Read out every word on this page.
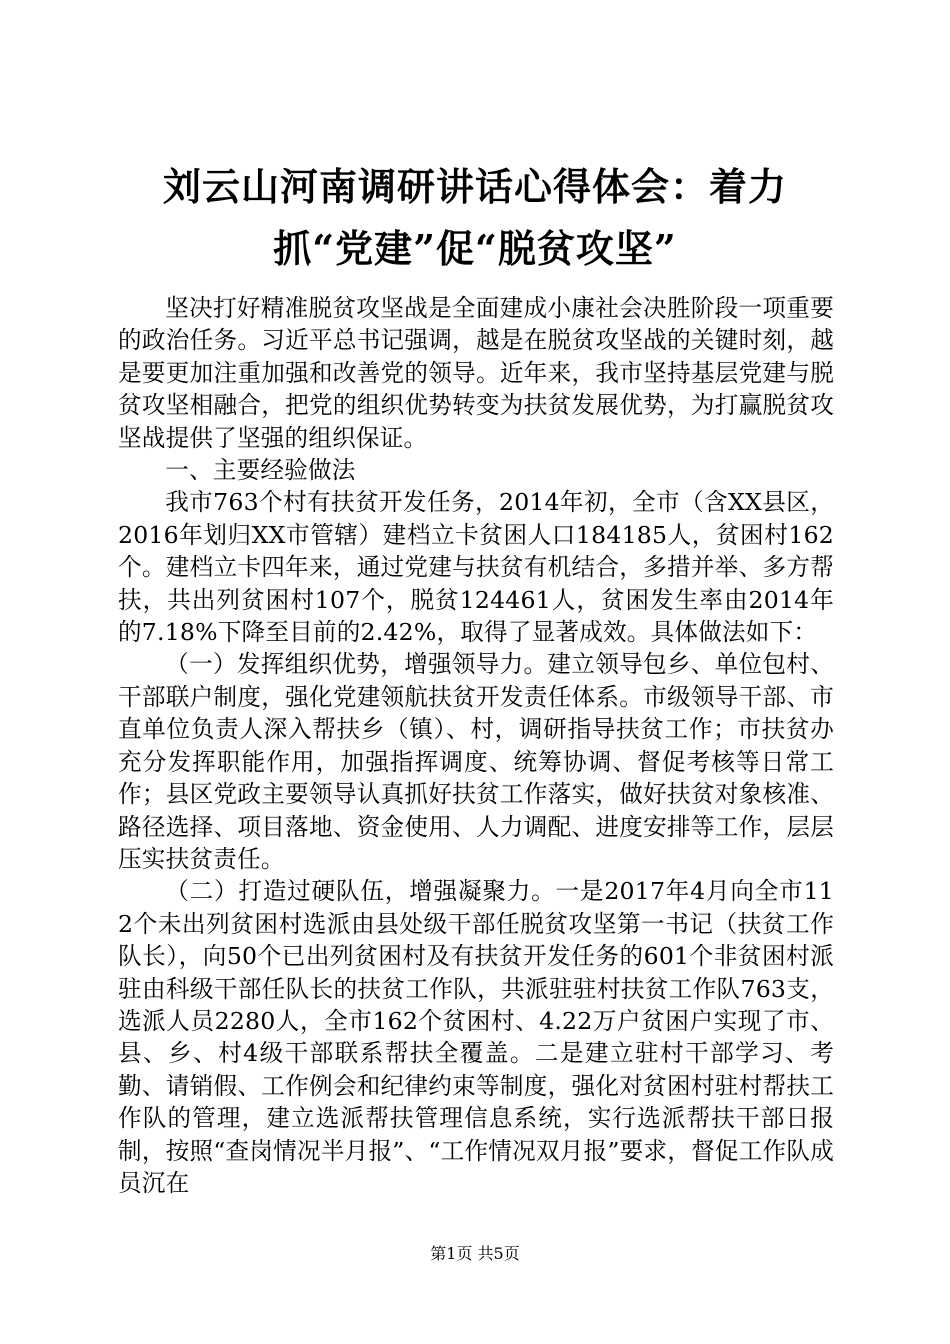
刘云山河南调研讲话心得体会：着力抓“党建”促“脱贫攻坚”

坚决打好精准脱贫攻坚战是全面建成小康社会决胜阶段一项重要的政治任务。习近平总书记强调，越是在脱贫攻坚战的关键时刻，越是要更加注重加强和改善党的领导。近年来，我市坚持基层党建与脱贫攻坚相融合，把党的组织优势转变为扶贫发展优势，为打赢脱贫攻坚战提供了坚强的组织保证。

一、主要经验做法

我市763个村有扶贫开发任务，2014年初，全市（含XX县区，2016年划归XX市管辖）建档立卡贫困人口184185人，贫困村162个。建档立卡四年来，通过党建与扶贫有机结合，多措并举、多方帮扶，共出列贫困村107个，脱贫124461人，贫困发生率由2014年的7.18%下降至目前的2.42%，取得了显著成效。具体做法如下：

（一）发挥组织优势，增强领导力。建立领导包乡、单位包村、干部联户制度，强化党建领航扶贫开发责任体系。市级领导干部、市直单位负责人深入帮扶乡（镇）、村，调研指导扶贫工作；市扶贫办充分发挥职能作用，加强指挥调度、统筹协调、督促考核等日常工作；县区党政主要领导认真抓好扶贫工作落实，做好扶贫对象核准、路径选择、项目落地、资金使用、人力调配、进度安排等工作，层层压实扶贫责任。

（二）打造过硬队伍，增强凝聚力。一是2017年4月向全市112个未出列贫困村选派由县处级干部任脱贫攻坚第一书记（扶贫工作队长），向50个已出列贫困村及有扶贫开发任务的601个非贫困村派驻由科级干部任队长的扶贫工作队，共派驻驻村扶贫工作队763支，选派人员2280人，全市162个贫困村、4.22万户贫困户实现了市、县、乡、村4级干部联系帮扶全覆盖。二是建立驻村干部学习、考勤、请销假、工作例会和纪律约束等制度，强化对贫困村驻村帮扶工作队的管理，建立选派帮扶管理信息系统，实行选派帮扶干部日报制，按照“查岗情况半月报”、“工作情况双月报”要求，督促工作队成员沉在

第1页 共5页
